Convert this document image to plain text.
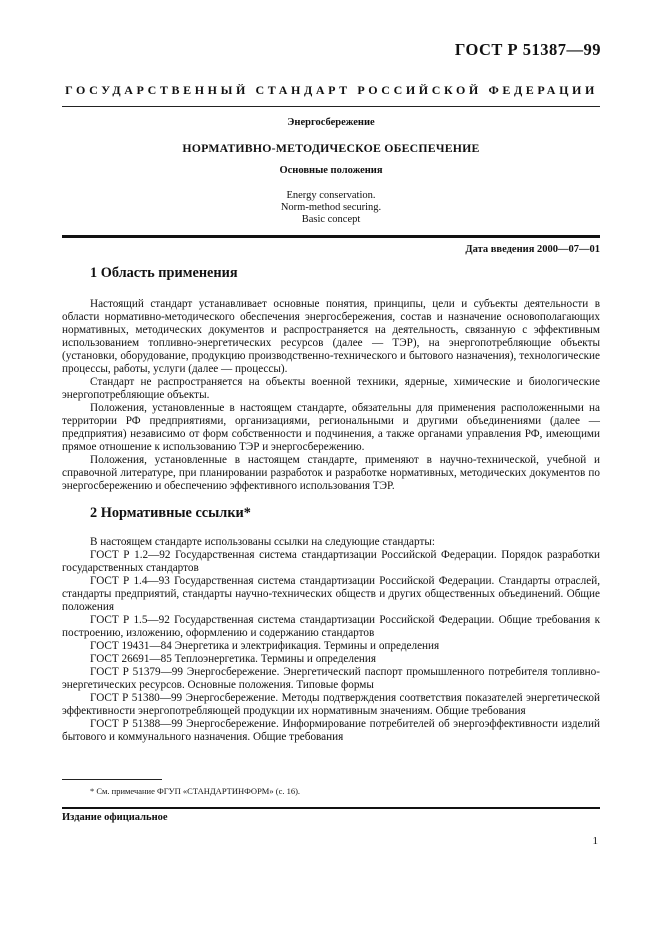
ГОСТ Р 51387—99
ГОСУДАРСТВЕННЫЙ СТАНДАРТ РОССИЙСКОЙ ФЕДЕРАЦИИ
Энергосбережение
НОРМАТИВНО-МЕТОДИЧЕСКОЕ ОБЕСПЕЧЕНИЕ
Основные положения
Energy conservation.
Norm-method securing.
Basic concept
Дата введения 2000—07—01
1 Область применения

Настоящий стандарт устанавливает основные понятия, принципы, цели и субъекты деятельности в области нормативно-методического обеспечения энергосбережения, состав и назначение основополагающих нормативных, методических документов и распространяется на деятельность, связанную с эффективным использованием топливно-энергетических ресурсов (далее — ТЭР), на энергопотребляющие объекты (установки, оборудование, продукцию производственно-технического и бытового назначения), технологические процессы, работы, услуги (далее — процессы).

Стандарт не распространяется на объекты военной техники, ядерные, химические и биологические энергопотребляющие объекты.

Положения, установленные в настоящем стандарте, обязательны для применения расположенными на территории РФ предприятиями, организациями, региональными и другими объединениями (далее — предприятия) независимо от форм собственности и подчинения, а также органами управления РФ, имеющими прямое отношение к использованию ТЭР и энергосбережению.

Положения, установленные в настоящем стандарте, применяют в научно-технической, учебной и справочной литературе, при планировании разработок и разработке нормативных, методических документов по энергосбережению и обеспечению эффективного использования ТЭР.

2 Нормативные ссылки*

В настоящем стандарте использованы ссылки на следующие стандарты:

ГОСТ Р 1.2—92 Государственная система стандартизации Российской Федерации. Порядок разработки государственных стандартов

ГОСТ Р 1.4—93 Государственная система стандартизации Российской Федерации. Стандарты отраслей, стандарты предприятий, стандарты научно-технических обществ и других общественных объединений. Общие положения

ГОСТ Р 1.5—92 Государственная система стандартизации Российской Федерации. Общие требования к построению, изложению, оформлению и содержанию стандартов

ГОСТ 19431—84 Энергетика и электрификация. Термины и определения

ГОСТ 26691—85 Теплоэнергетика. Термины и определения

ГОСТ Р 51379—99 Энергосбережение. Энергетический паспорт промышленного потребителя топливно-энергетических ресурсов. Основные положения. Типовые формы

ГОСТ Р 51380—99 Энергосбережение. Методы подтверждения соответствия показателей энергетической эффективности энергопотребляющей продукции их нормативным значениям. Общие требования

ГОСТ Р 51388—99 Энергосбережение. Информирование потребителей об энергоэффективности изделий бытового и коммунального назначения. Общие требования

* См. примечание ФГУП «СТАНДАРТИНФОРМ» (с. 16).
Издание официальное
1
